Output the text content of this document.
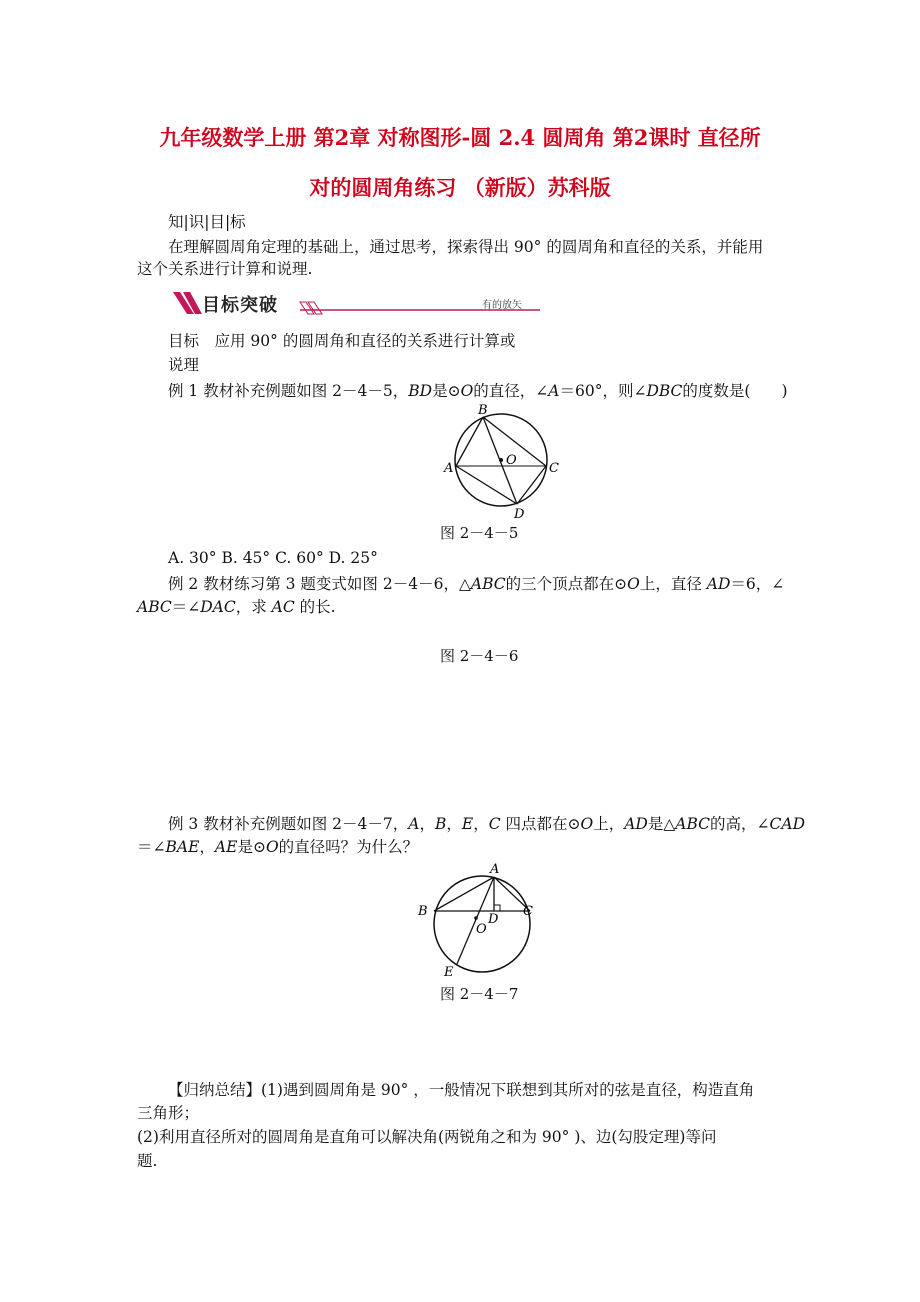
九年级数学上册 第2章 对称图形-圆 2.4 圆周角 第2课时 直径所
对的圆周角练习 （新版）苏科版
知|识|目|标
在理解圆周角定理的基础上，通过思考，探索得出 90° 的圆周角和直径的关系，并能用
这个关系进行计算和说理.
目标突破	有的放矢
目标　应用 90° 的圆周角和直径的关系进行计算或
说理
例 1 教材补充例题如图 2－4－5，BD是⊙O的直径，∠A＝60°，则∠DBC的度数是(　　)
B
A	C
D
O
图 2－4－5
A. 30° B. 45° C. 60° D. 25°
例 2 教材练习第 3 题变式如图 2－4－6，△ABC的三个顶点都在⊙O上，直径 AD＝6，∠
ABC＝∠DAC，求 AC 的长.
图 2－4－6
例 3 教材补充例题如图 2－4－7，A，B，E，C 四点都在⊙O上，AD是△ABC的高，∠CAD
＝∠BAE，AE是⊙O的直径吗？为什么？
A
B	C
D
O
E
图 2－4－7
【归纳总结】(1)遇到圆周角是 90° ，一般情况下联想到其所对的弦是直径，构造直角
三角形；
(2)利用直径所对的圆周角是直角可以解决角(两锐角之和为 90° )、边(勾股定理)等问
题.
